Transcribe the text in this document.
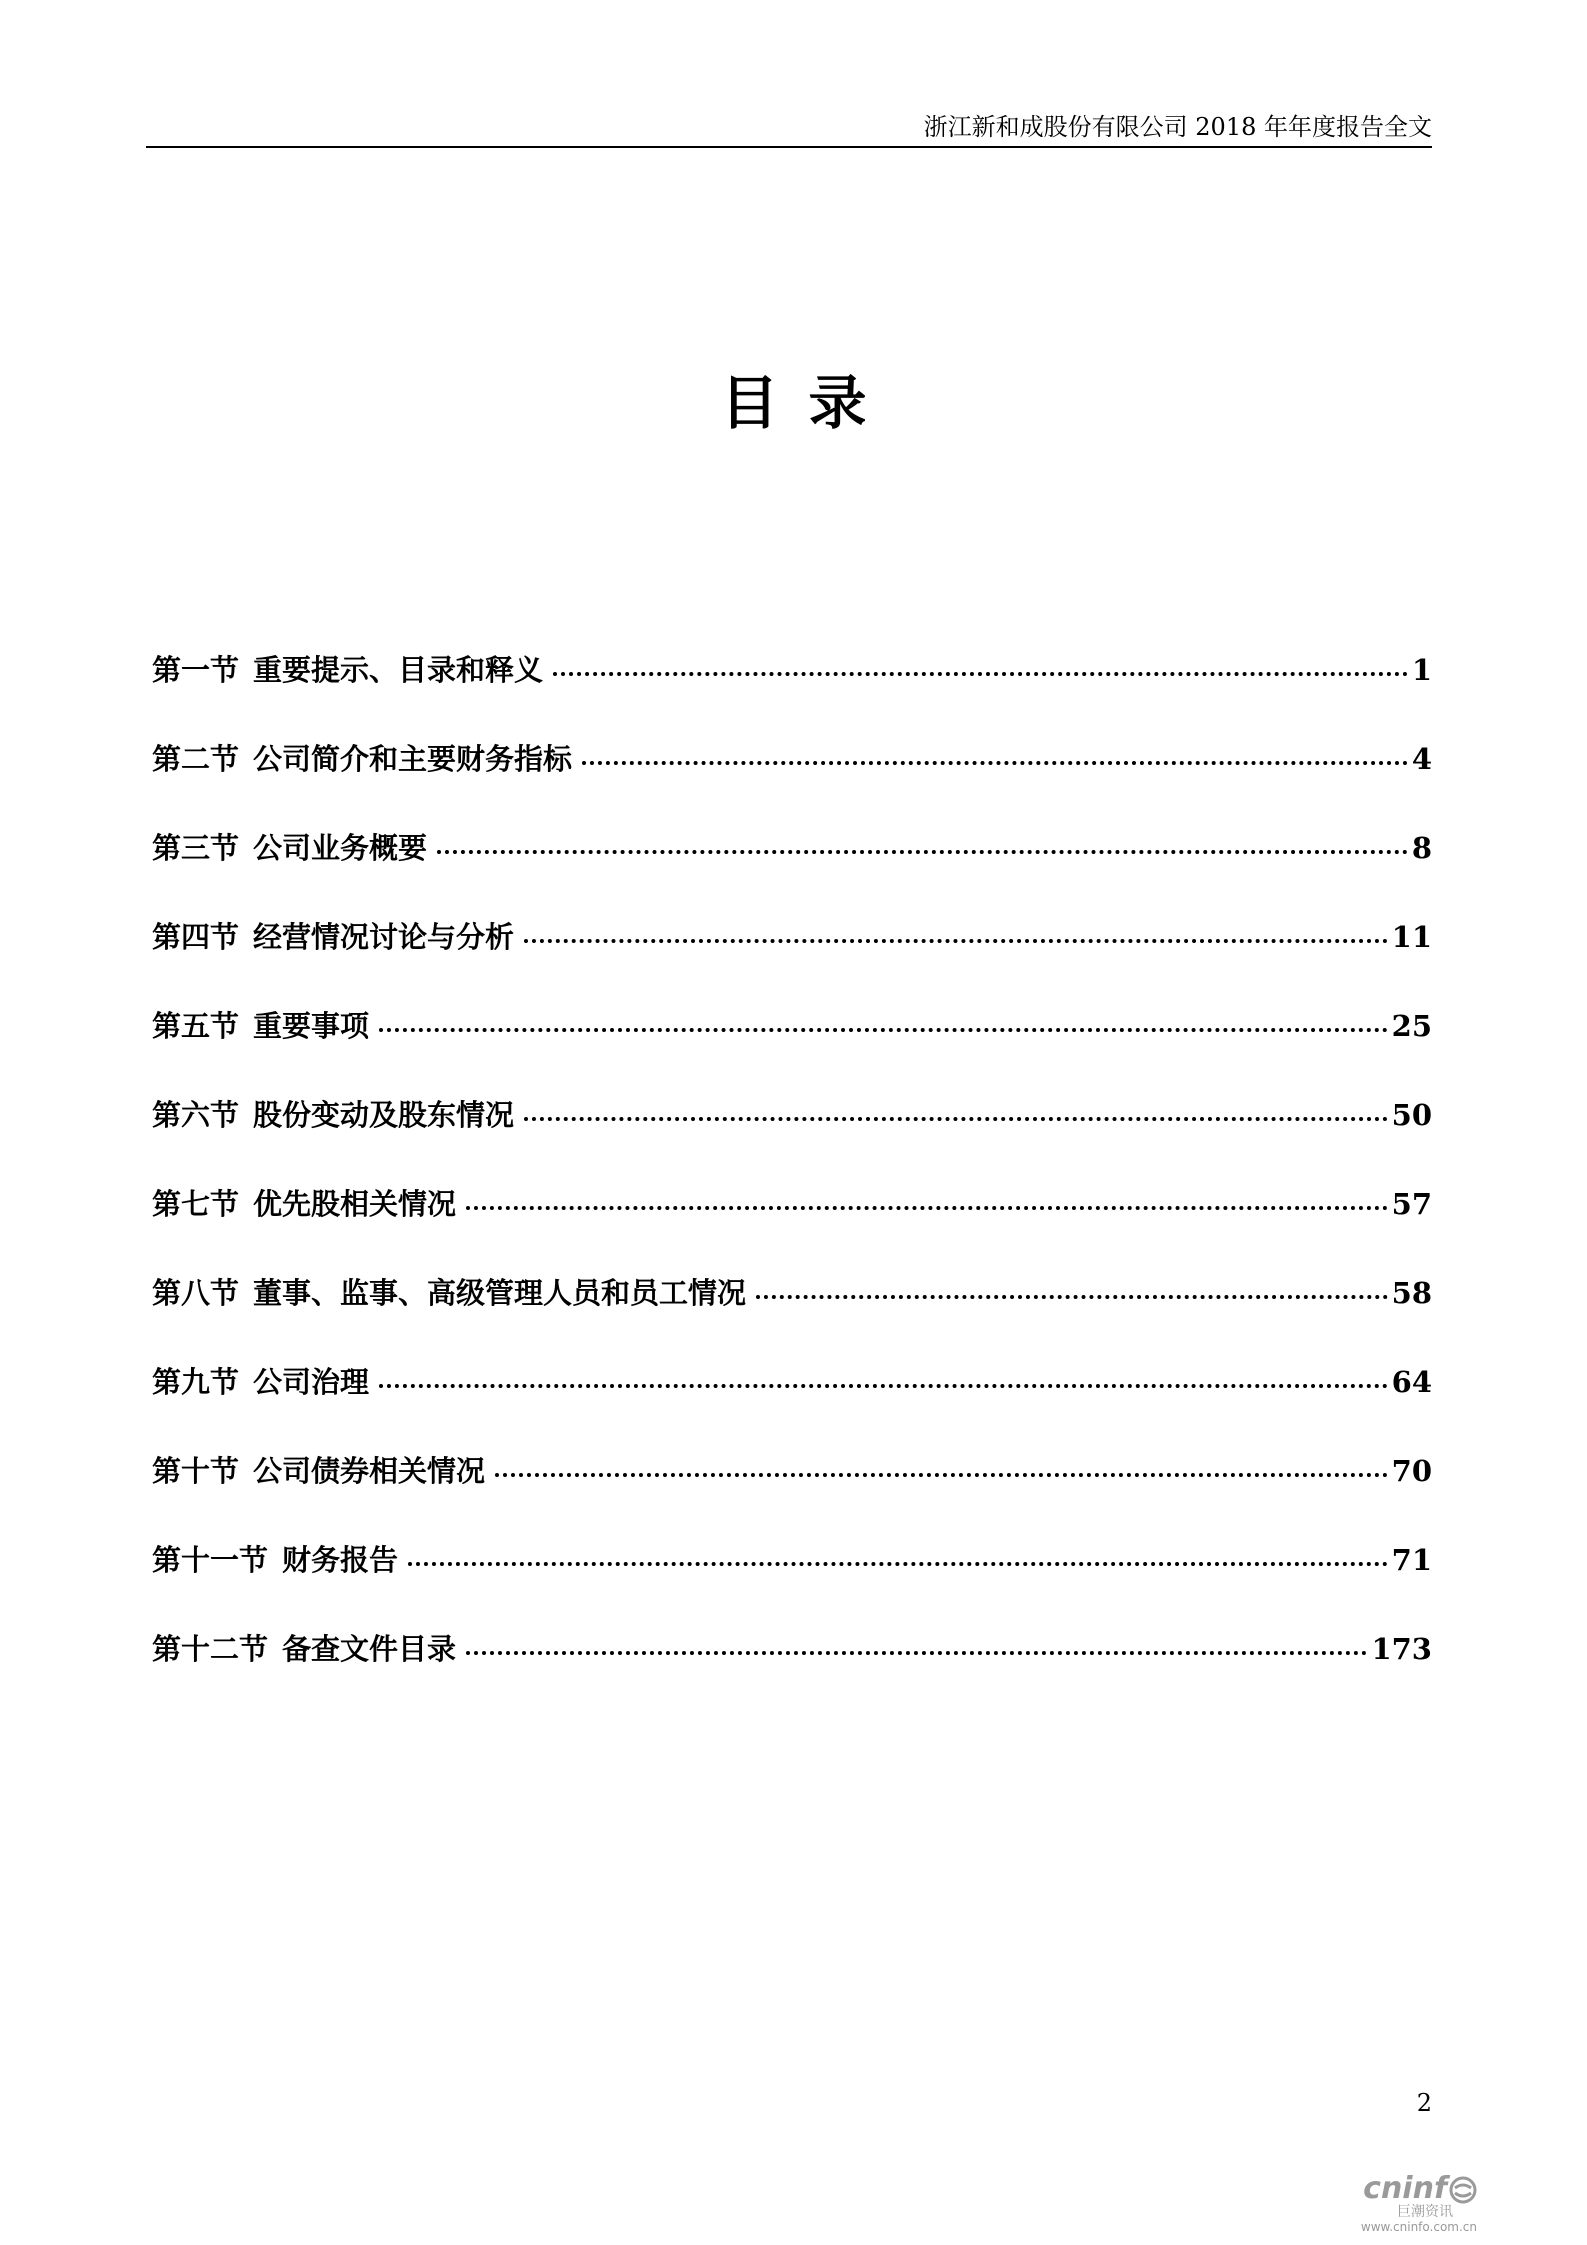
浙江新和成股份有限公司 2018 年年度报告全文
目录
第一节 重要提示、目录和释义	1
第二节 公司简介和主要财务指标	4
第三节 公司业务概要	8
第四节 经营情况讨论与分析	11
第五节 重要事项	25
第六节 股份变动及股东情况	50
第七节 优先股相关情况	57
第八节 董事、监事、高级管理人员和员工情况	58
第九节 公司治理	64
第十节 公司债券相关情况	70
第十一节 财务报告	71
第十二节 备查文件目录	173
2
cninf
巨潮资讯
www.cninfo.com.cn
